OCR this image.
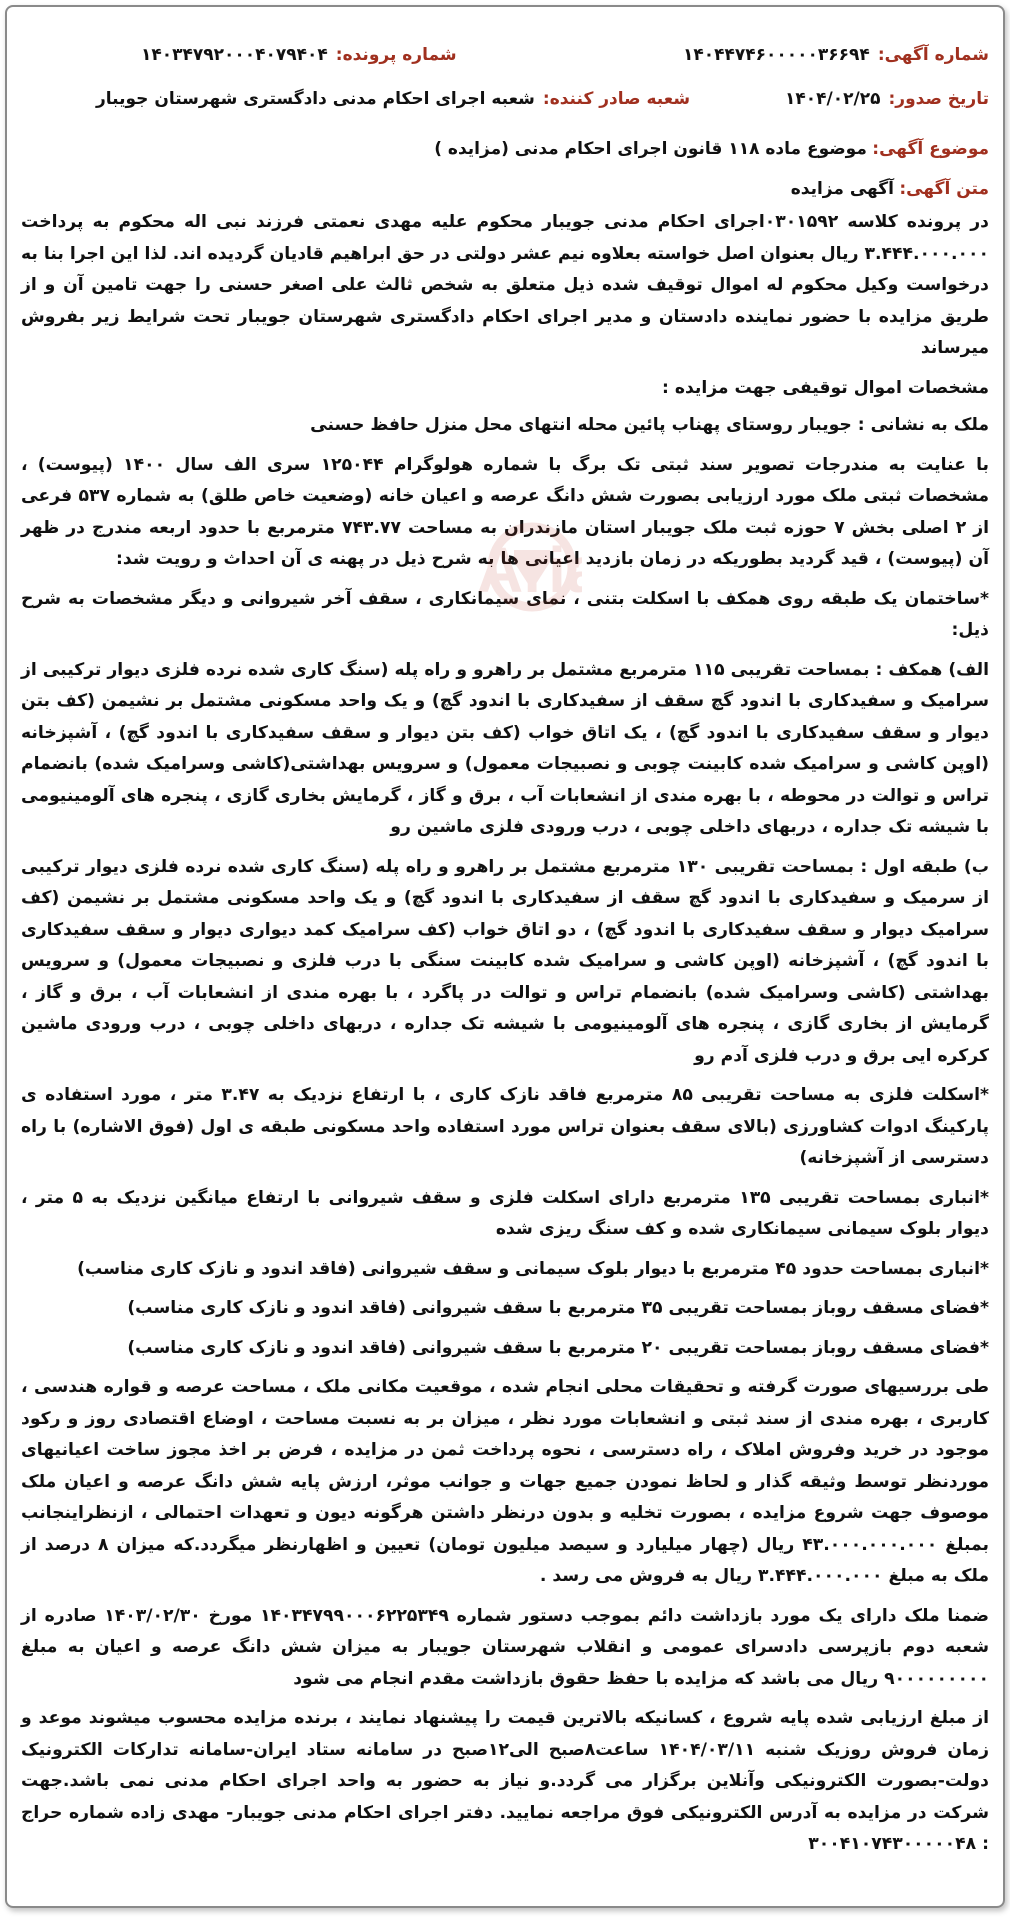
Ari
شماره آگهی:
۱۴۰۴۴۷۴۶۰۰۰۰۰۳۶۶۹۴
شماره پرونده:
۱۴۰۳۴۷۹۲۰۰۰۴۰۷۹۴۰۴
تاریخ صدور:
۱۴۰۴/۰۲/۲۵
شعبه صادر کننده:
شعبه اجرای احکام مدنی دادگستری شهرستان جویبار
موضوع آگهی: موضوع ماده ۱۱۸ قانون اجرای احکام مدنی (مزایده )
متن آگهی: آگهی مزایده

در پرونده کلاسه ۰۳۰۱۵۹۲اجرای احکام مدنی جویبار محکوم علیه مهدی نعمتی فرزند نبی اله محکوم به پرداخت ۳.۴۴۴.۰۰۰.۰۰۰ ریال بعنوان اصل خواسته بعلاوه نیم عشر دولتی در حق ابراهیم قادیان گردیده اند. لذا این اجرا بنا به درخواست وکیل محکوم له اموال توقیف شده ذیل متعلق به شخص ثالث علی اصغر حسنی را جهت تامین آن و از طریق مزایده با حضور نماینده دادستان و مدیر اجرای احکام دادگستری شهرستان جویبار تحت شرایط زیر بفروش میرساند

مشخصات اموال توقیفی جهت مزایده :

ملک به نشانی : جویبار روستای پهناب پائین محله انتهای محل منزل حافظ حسنی

با عنایت به مندرجات تصویر سند ثبتی تک برگ با شماره هولوگرام ۱۲۵۰۴۴ سری الف سال ۱۴۰۰ (پیوست) ، مشخصات ثبتی ملک مورد ارزیابی بصورت شش دانگ عرصه و اعیان خانه (وضعیت خاص طلق) به شماره ۵۳۷ فرعی از ۲ اصلی بخش ۷ حوزه ثبت ملک جویبار استان مازندران به مساحت ۷۴۳.۷۷ مترمربع با حدود اربعه مندرج در ظهر آن (پیوست) ، قید گردید بطوریکه در زمان بازدید اعیانی ها به شرح ذیل در پهنه ی آن احداث و رویت شد:

*ساختمان یک طبقه روی همکف با اسکلت بتنی ، نمای سیمانکاری ، سقف آخر شیروانی و دیگر مشخصات به شرح ذیل:

الف) همکف : بمساحت تقریبی ۱۱۵ مترمربع مشتمل بر راهرو و راه پله (سنگ کاری شده نرده فلزی دیوار ترکیبی از سرامیک و سفیدکاری با اندود گچ سقف از سفیدکاری با اندود گچ) و یک واحد مسکونی مشتمل بر نشیمن (کف بتن دیوار و سقف سفیدکاری با اندود گچ) ، یک اتاق خواب (کف بتن دیوار و سقف سفیدکاری با اندود گچ) ، آشپزخانه (اوپن کاشی و سرامیک شده کابینت چوبی و نصبیجات معمول) و سرویس بهداشتی(کاشی وسرامیک شده) بانضمام تراس و توالت در محوطه ، با بهره مندی از انشعابات آب ، برق و گاز ، گرمایش بخاری گازی ، پنجره های آلومینیومی با شیشه تک جداره ، دربهای داخلی چوبی ، درب ورودی فلزی ماشین رو

ب) طبقه اول : بمساحت تقریبی ۱۳۰ مترمربع مشتمل بر راهرو و راه پله (سنگ کاری شده نرده فلزی دیوار ترکیبی از سرمیک و سفیدکاری با اندود گچ سقف از سفیدکاری با اندود گچ) و یک واحد مسکونی مشتمل بر نشیمن (کف سرامیک دیوار و سقف سفیدکاری با اندود گچ) ، دو اتاق خواب (کف سرامیک کمد دیواری دیوار و سقف سفیدکاری با اندود گچ) ، آشپزخانه (اوپن کاشی و سرامیک شده کابینت سنگی با درب فلزی و نصبیجات معمول) و سرویس بهداشتی (کاشی وسرامیک شده) بانضمام تراس و توالت در پاگرد ، با بهره مندی از انشعابات آب ، برق و گاز ، گرمایش از بخاری گازی ، پنجره های آلومینیومی با شیشه تک جداره ، دربهای داخلی چوبی ، درب ورودی ماشین کرکره ایی برق و درب فلزی آدم رو

*اسکلت فلزی به مساحت تقریبی ۸۵ مترمربع فاقد نازک کاری ، با ارتفاع نزدیک به ۳.۴۷ متر ، مورد استفاده ی پارکینگ ادوات کشاورزی (بالای سقف بعنوان تراس مورد استفاده واحد مسکونی طبقه ی اول (فوق الاشاره) با راه دسترسی از آشپزخانه)

*انباری بمساحت تقریبی ۱۳۵ مترمربع دارای اسکلت فلزی و سقف شیروانی با ارتفاع میانگین نزدیک به ۵ متر ، دیوار بلوک سیمانی سیمانکاری شده و کف سنگ ریزی شده

*انباری بمساحت حدود ۴۵ مترمربع با دیوار بلوک سیمانی و سقف شیروانی (فاقد اندود و نازک کاری مناسب)

*فضای مسقف روباز بمساحت تقریبی ۳۵ مترمربع با سقف شیروانی (فاقد اندود و نازک کاری مناسب)

*فضای مسقف روباز بمساحت تقریبی ۲۰ مترمربع با سقف شیروانی (فاقد اندود و نازک کاری مناسب)

طی بررسیهای صورت گرفته و تحقیقات محلی انجام شده ، موقعیت مکانی ملک ، مساحت عرصه و قواره هندسی ، کاربری ، بهره مندی از سند ثبتی و انشعابات مورد نظر ، میزان بر به نسبت مساحت ، اوضاع اقتصادی روز و رکود موجود در خرید وفروش املاک ، راه دسترسی ، نحوه پرداخت ثمن در مزایده ، فرض بر اخذ مجوز ساخت اعیانیهای موردنظر توسط وثیقه گذار و لحاظ نمودن جمیع جهات و جوانب موثر، ارزش پایه شش دانگ عرصه و اعیان ملک موصوف جهت شروع مزایده ، بصورت تخلیه و بدون درنظر داشتن هرگونه دیون و تعهدات احتمالی ، ازنظراینجانب بمبلغ ۴۳.۰۰۰.۰۰۰.۰۰۰ ریال (چهار میلیارد و سیصد میلیون تومان) تعیین و اظهارنظر میگردد.که میزان ۸ درصد از ملک به مبلغ ۳.۴۴۴.۰۰۰.۰۰۰ ریال به فروش می رسد .

ضمنا ملک دارای یک مورد بازداشت دائم بموجب دستور شماره ۱۴۰۳۴۷۹۹۰۰۰۶۲۲۵۳۴۹ مورخ ۱۴۰۳/۰۲/۳۰ صادره از شعبه دوم بازپرسی دادسرای عمومی و انقلاب شهرستان جویبار به میزان شش دانگ عرصه و اعیان به مبلغ ۹۰۰۰۰۰۰۰۰۰ ریال می باشد که مزایده با حفظ حقوق بازداشت مقدم انجام می شود

از مبلغ ارزیابی شده پایه شروع ، کسانیکه بالاترین قیمت را پیشنهاد نمایند ، برنده مزایده محسوب میشوند موعد و زمان فروش روزیک شنبه ۱۴۰۴/۰۳/۱۱ ساعت۸صبح الی۱۲صبح در سامانه ستاد ایران-سامانه تدارکات الکترونیک دولت-بصورت الکترونیکی وآنلاین برگزار می گردد.و نیاز به حضور به واحد اجرای احکام مدنی نمی باشد.جهت شرکت در مزایده به آدرس الکترونیکی فوق مراجعه نمایید. دفتر اجرای احکام مدنی جویبار- مهدی زاده شماره حراج : ۳۰۰۴۱۰۷۴۳۰۰۰۰۰۴۸
